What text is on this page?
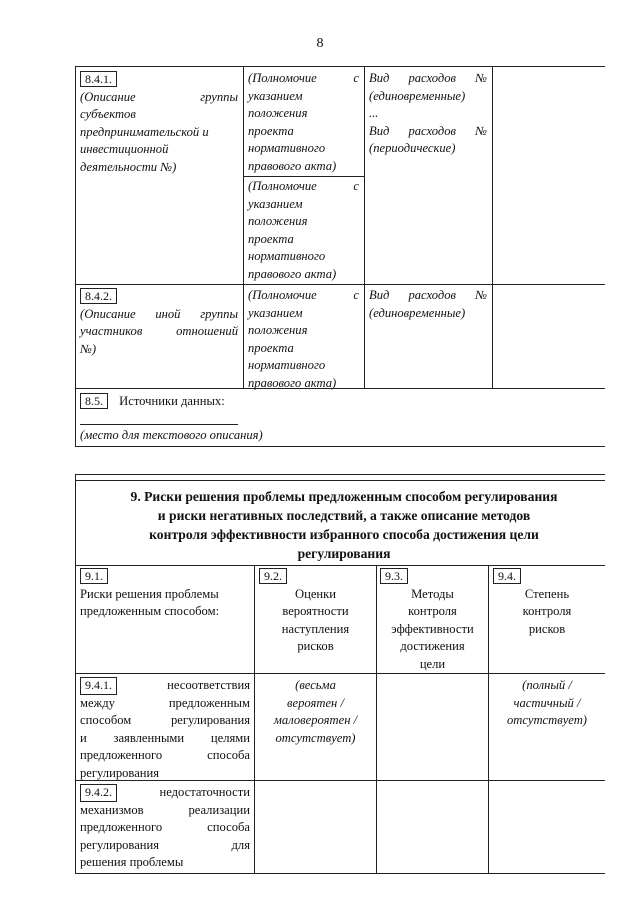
8
8.4.1.
(Описание группы
субъектов
предпринимательской и
инвестиционной
деятельности №)
(Полномочие с
указанием
положения
проекта
нормативного
правового акта)
Вид расходов №
(единовременные)
...
Вид расходов №
(периодические)
(Полномочие с
указанием
положения
проекта
нормативного
правового акта)
8.4.2.
(Описание иной группы
участников отношений
№)
(Полномочие с
указанием
положения
проекта
нормативного
правового акта)
Вид расходов №
(единовременные)
8.5. Источники данных:
(место для текстового описания)
9. Риски решения проблемы предложенным способом регулирования
и риски негативных последствий, а также описание методов
контроля эффективности избранного способа достижения цели
регулирования
9.1.
Риски решения проблемы
предложенным способом:
9.2.
Оценки
вероятности
наступления
рисков
9.3.
Методы
контроля
эффективности
достижения
цели
9.4.
Степень
контроля
рисков
9.4.1.	несоответствия
между предложенным
способом регулирования
и заявленными целями
предложенного способа
регулирования
(весьма
вероятен /
маловероятен /
отсутствует)
(полный /
частичный /
отсутствует)
9.4.2.	недостаточности
механизмов реализации
предложенного способа
регулирования для
решения проблемы
